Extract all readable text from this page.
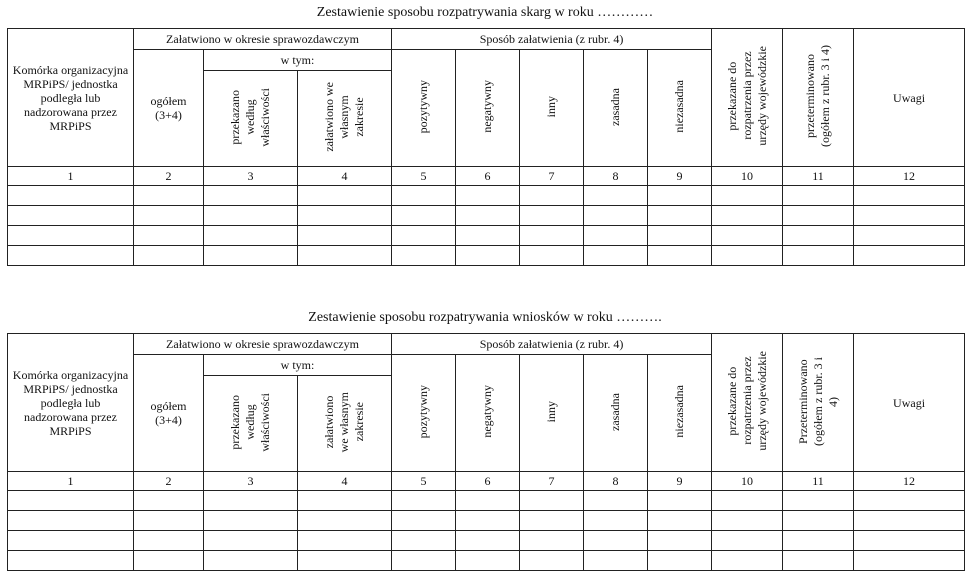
Zestawienie sposobu rozpatrywania skarg w roku …………
Komórka organizacyjna MRPiPS/ jednostka podległa lub nadzorowana przez MRPiPS	Załatwiono w okresie sprawozdawczym			Sposób załatwienia (z rubr. 4)					przekazane do
rozpatrzenia przez
urzędy wojewódzkie	przeterminowano
(ogółem z rubr. 3 i 4)	Uwagi
	ogółem (3+4)	w tym:		pozytywny	negatywny	inny	zasadna	niezasadna			
		przekazano
według
właściwości	załatwiono we
własnym
zakresie								
1	2	3	4	5	6	7	8	9	10	11	12

Zestawienie sposobu rozpatrywania wniosków w roku ……….
Komórka organizacyjna MRPiPS/ jednostka podległa lub nadzorowana przez MRPiPS	Załatwiono w okresie sprawozdawczym			Sposób załatwienia (z rubr. 4)					przekazane do
rozpatrzenia przez
urzędy wojewódzkie	Przeterminowano
(ogółem z rubr. 3 i
4)	Uwagi
	ogółem (3+4)	w tym:		pozytywny	negatywny	inny	zasadna	niezasadna			
		przekazano
według
właściwości	załatwiono
we własnym
zakresie								
1	2	3	4	5	6	7	8	9	10	11	12
